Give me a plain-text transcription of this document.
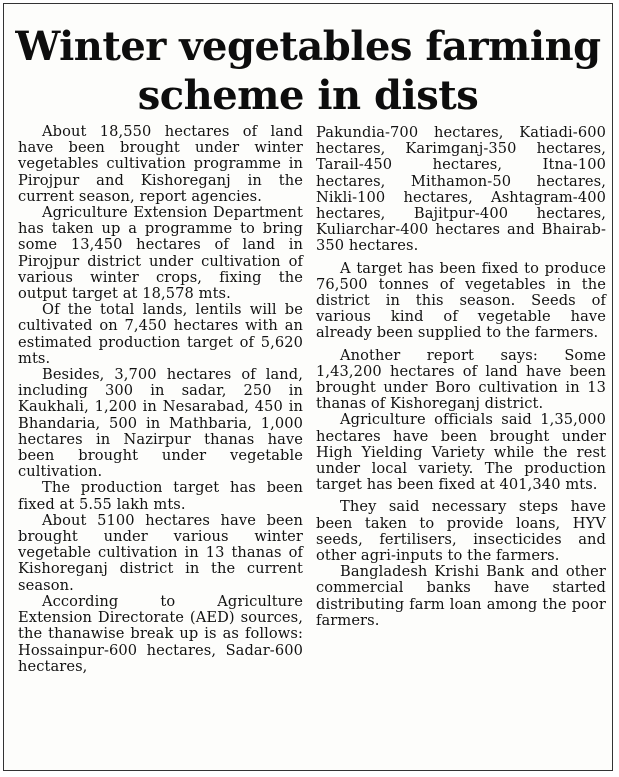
Winter vegetables farming
scheme in dists

About 18,550 hectares of land have been brought under winter vegetables cultivation programme in Pirojpur and Kishoreganj in the current season, report agencies.

Agriculture Extension Department has taken up a programme to bring some 13,450 hectares of land in Pirojpur district under cultivation of various winter crops, fixing the output target at 18,578 mts.

Of the total lands, lentils will be cultivated on 7,450 hectares with an estimated production target of 5,620 mts.

Besides, 3,700 hectares of land, including 300 in sadar, 250 in Kaukhali, 1,200 in Nesarabad, 450 in Bhandaria, 500 in Mathbaria, 1,000 hectares in Nazirpur thanas have been brought under vegetable cultivation.

The production target has been fixed at 5.55 lakh mts.

About 5100 hectares have been brought under various winter vegetable cultivation in 13 thanas of Kishoreganj district in the current season.

According to Agriculture Extension Directorate (AED) sources, the thanawise break up is as follows: Hossainpur-600 hectares, Sadar-600 hectares,

Pakundia-700 hectares, Katiadi-600 hectares, Karimganj-350 hectares, Tarail-450 hectares, Itna-100 hectares, Mithamon-50 hectares, Nikli-100 hectares, Ashtagram-400 hectares, Bajitpur-400 hectares, Kuliarchar-400 hectares and Bhairab-350 hectares.

A target has been fixed to produce 76,500 tonnes of vegetables in the district in this season. Seeds of various kind of vegetable have already been supplied to the farmers.

Another report says: Some 1,43,200 hectares of land have been brought under Boro cultivation in 13 thanas of Kishoreganj district.

Agriculture officials said 1,35,000 hectares have been brought under High Yielding Variety while the rest under local variety. The production target has been fixed at 401,340 mts.

They said necessary steps have been taken to provide loans, HYV seeds, fertilisers, insecticides and other agri-inputs to the farmers.

Bangladesh Krishi Bank and other commercial banks have started distributing farm loan among the poor farmers.
